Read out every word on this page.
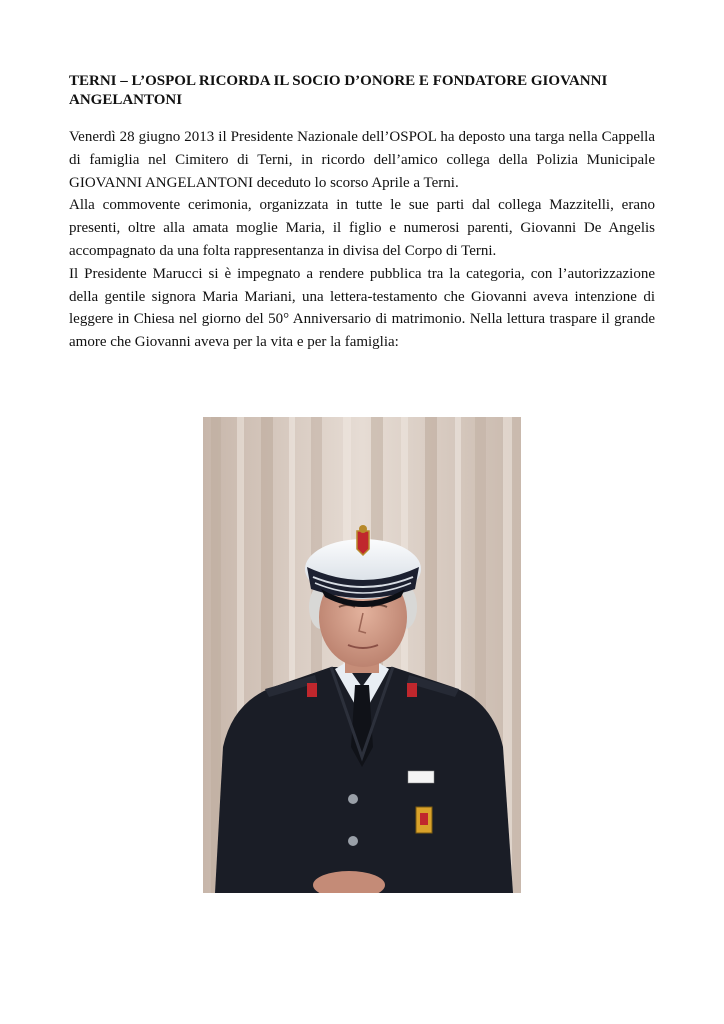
TERNI – L’OSPOL RICORDA IL SOCIO D’ONORE E FONDATORE GIOVANNI ANGELANTONI

Venerdì 28 giugno 2013 il Presidente Nazionale dell’OSPOL ha deposto una targa nella Cappella di famiglia nel Cimitero di Terni, in ricordo dell’amico collega della Polizia Municipale GIOVANNI ANGELANTONI deceduto lo scorso Aprile a Terni.

Alla commovente cerimonia, organizzata in tutte le sue parti dal collega Mazzitelli, erano presenti, oltre alla amata moglie Maria, il figlio e numerosi parenti, Giovanni De Angelis accompagnato da una folta rappresentanza in divisa del Corpo di Terni.

Il Presidente Marucci si è impegnato a rendere pubblica tra la categoria, con l’autorizzazione della gentile signora Maria Mariani, una lettera-testamento che Giovanni aveva intenzione di leggere in Chiesa nel giorno del 50° Anniversario di matrimonio. Nella lettura traspare il grande amore che Giovanni aveva per la vita e per la famiglia:
